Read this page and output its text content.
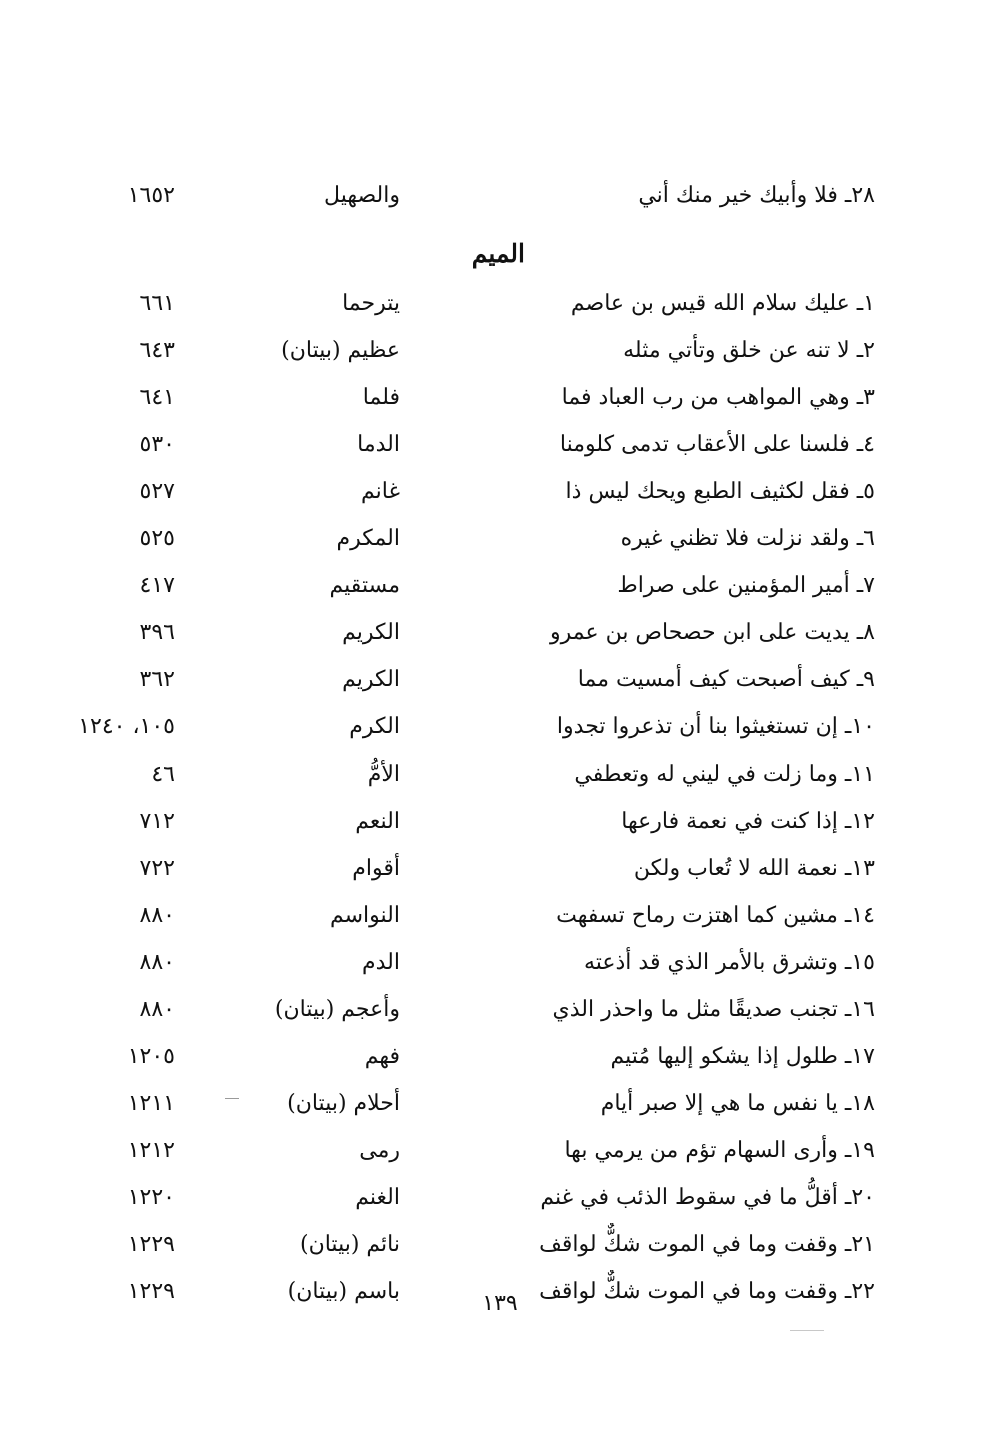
٢٨ـ فلا وأبيك خير منك أني
والصهيل
١٦٥٢
الميم
١ـ عليك سلام الله قيس بن عاصم
يترحما
٦٦١
٢ـ لا تنه عن خلق وتأتي مثله
عظيم (بيتان)
٦٤٣
٣ـ وهي المواهب من رب العباد فما
فلما
٦٤١
٤ـ فلسنا على الأعقاب تدمى كلومنا
الدما
٥٣٠
٥ـ فقل لكثيف الطبع ويحك ليس ذا
غانم
٥٢٧
٦ـ ولقد نزلت فلا تظني غيره
المكرم
٥٢٥
٧ـ أمير المؤمنين على صراط
مستقيم
٤١٧
٨ـ يديت على ابن حصحاص بن عمرو
الكريم
٣٩٦
٩ـ كيف أصبحت كيف أمسيت مما
الكريم
٣٦٢
١٠ـ إن تستغيثوا بنا أن تذعروا تجدوا
الكرم
١٠٥، ١٢٤٠
١١ـ وما زلت في ليني له وتعطفي
الأمُّ
٤٦
١٢ـ إذا كنت في نعمة فارعها
النعم
٧١٢
١٣ـ نعمة الله لا تُعاب ولكن
أقوام
٧٢٢
١٤ـ مشين كما اهتزت رماح تسفهت
النواسم
٨٨٠
١٥ـ وتشرق بالأمر الذي قد أذعته
الدم
٨٨٠
١٦ـ تجنب صديقًا مثل ما واحذر الذي
وأعجم (بيتان)
٨٨٠
١٧ـ طلول إذا يشكو إليها مُتيم
فهم
١٢٠٥
١٨ـ يا نفس ما هي إلا صبر أيام
أحلام (بيتان)
١٢١١
١٩ـ وأرى السهام تؤم من يرمي بها
رمى
١٢١٢
٢٠ـ أقلُّ ما في سقوط الذئب في غنم
الغنم
١٢٢٠
٢١ـ وقفت وما في الموت شكٌّ لواقف
نائم (بيتان)
١٢٢٩
٢٢ـ وقفت وما في الموت شكٌّ لواقف
باسم (بيتان)
١٢٢٩	١٣٩
